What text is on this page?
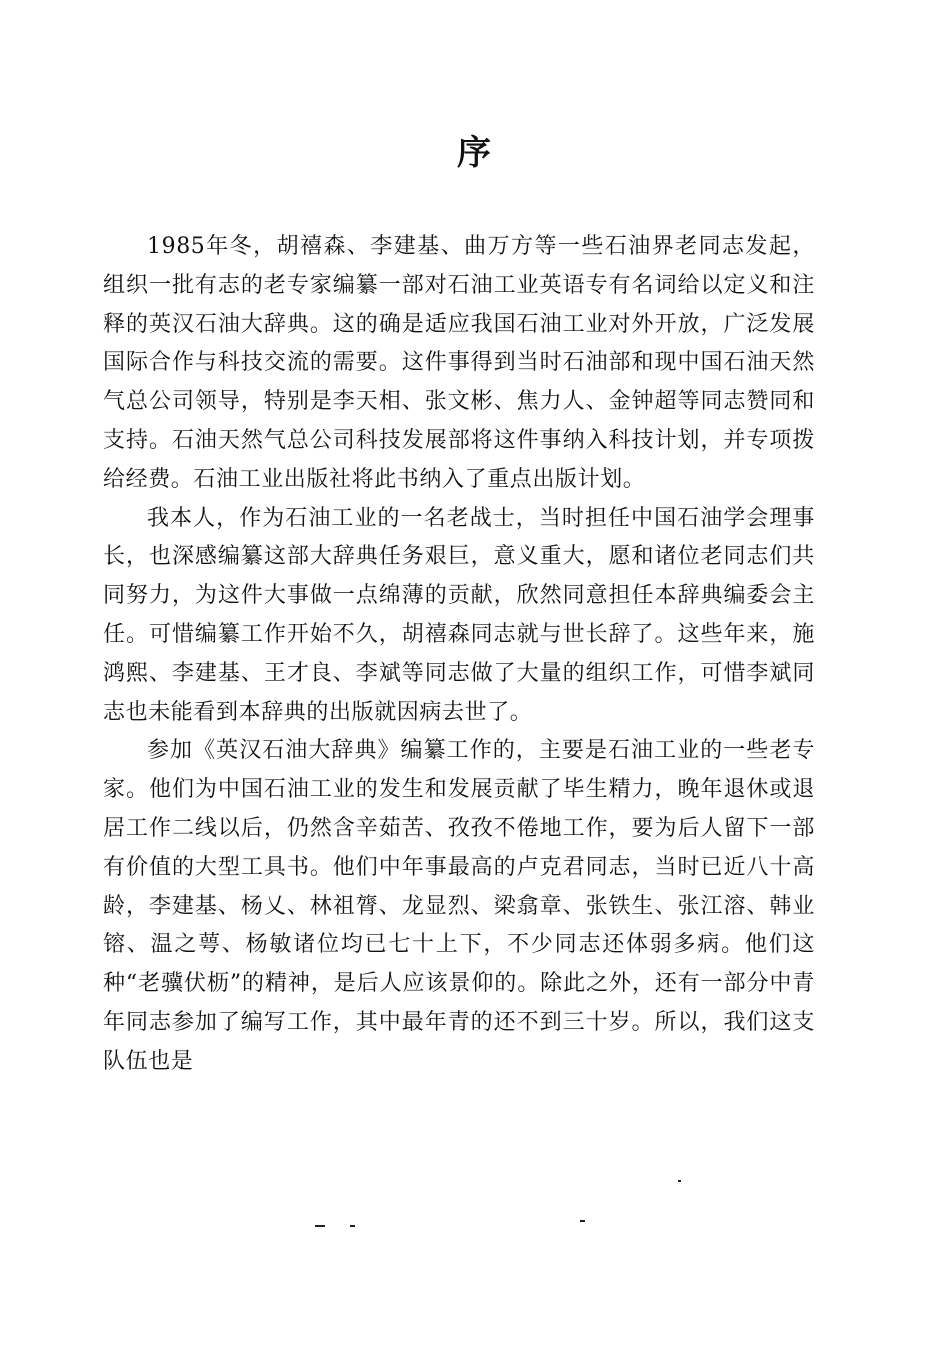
序

1985年冬，胡禧森、李建基、曲万方等一些石油界老同志发起，组织一批有志的老专家编纂一部对石油工业英语专有名词给以定义和注释的英汉石油大辞典。这的确是适应我国石油工业对外开放，广泛发展国际合作与科技交流的需要。这件事得到当时石油部和现中国石油天然气总公司领导，特别是李天相、张文彬、焦力人、金钟超等同志赞同和支持。石油天然气总公司科技发展部将这件事纳入科技计划，并专项拨给经费。石油工业出版社将此书纳入了重点出版计划。

我本人，作为石油工业的一名老战士，当时担任中国石油学会理事长，也深感编纂这部大辞典任务艰巨，意义重大，愿和诸位老同志们共同努力，为这件大事做一点绵薄的贡献，欣然同意担任本辞典编委会主任。可惜编纂工作开始不久，胡禧森同志就与世长辞了。这些年来，施鸿熙、李建基、王才良、李斌等同志做了大量的组织工作，可惜李斌同志也未能看到本辞典的出版就因病去世了。

参加《英汉石油大辞典》编纂工作的，主要是石油工业的一些老专家。他们为中国石油工业的发生和发展贡献了毕生精力，晚年退休或退居工作二线以后，仍然含辛茹苦、孜孜不倦地工作，要为后人留下一部有价值的大型工具书。他们中年事最高的卢克君同志，当时已近八十高龄，李建基、杨乂、林祖膂、龙显烈、梁翕章、张铁生、张江溶、韩业镕、温之萼、杨敏诸位均已七十上下，不少同志还体弱多病。他们这种“老骥伏枥”的精神，是后人应该景仰的。除此之外，还有一部分中青年同志参加了编写工作，其中最年青的还不到三十岁。所以，我们这支队伍也是
